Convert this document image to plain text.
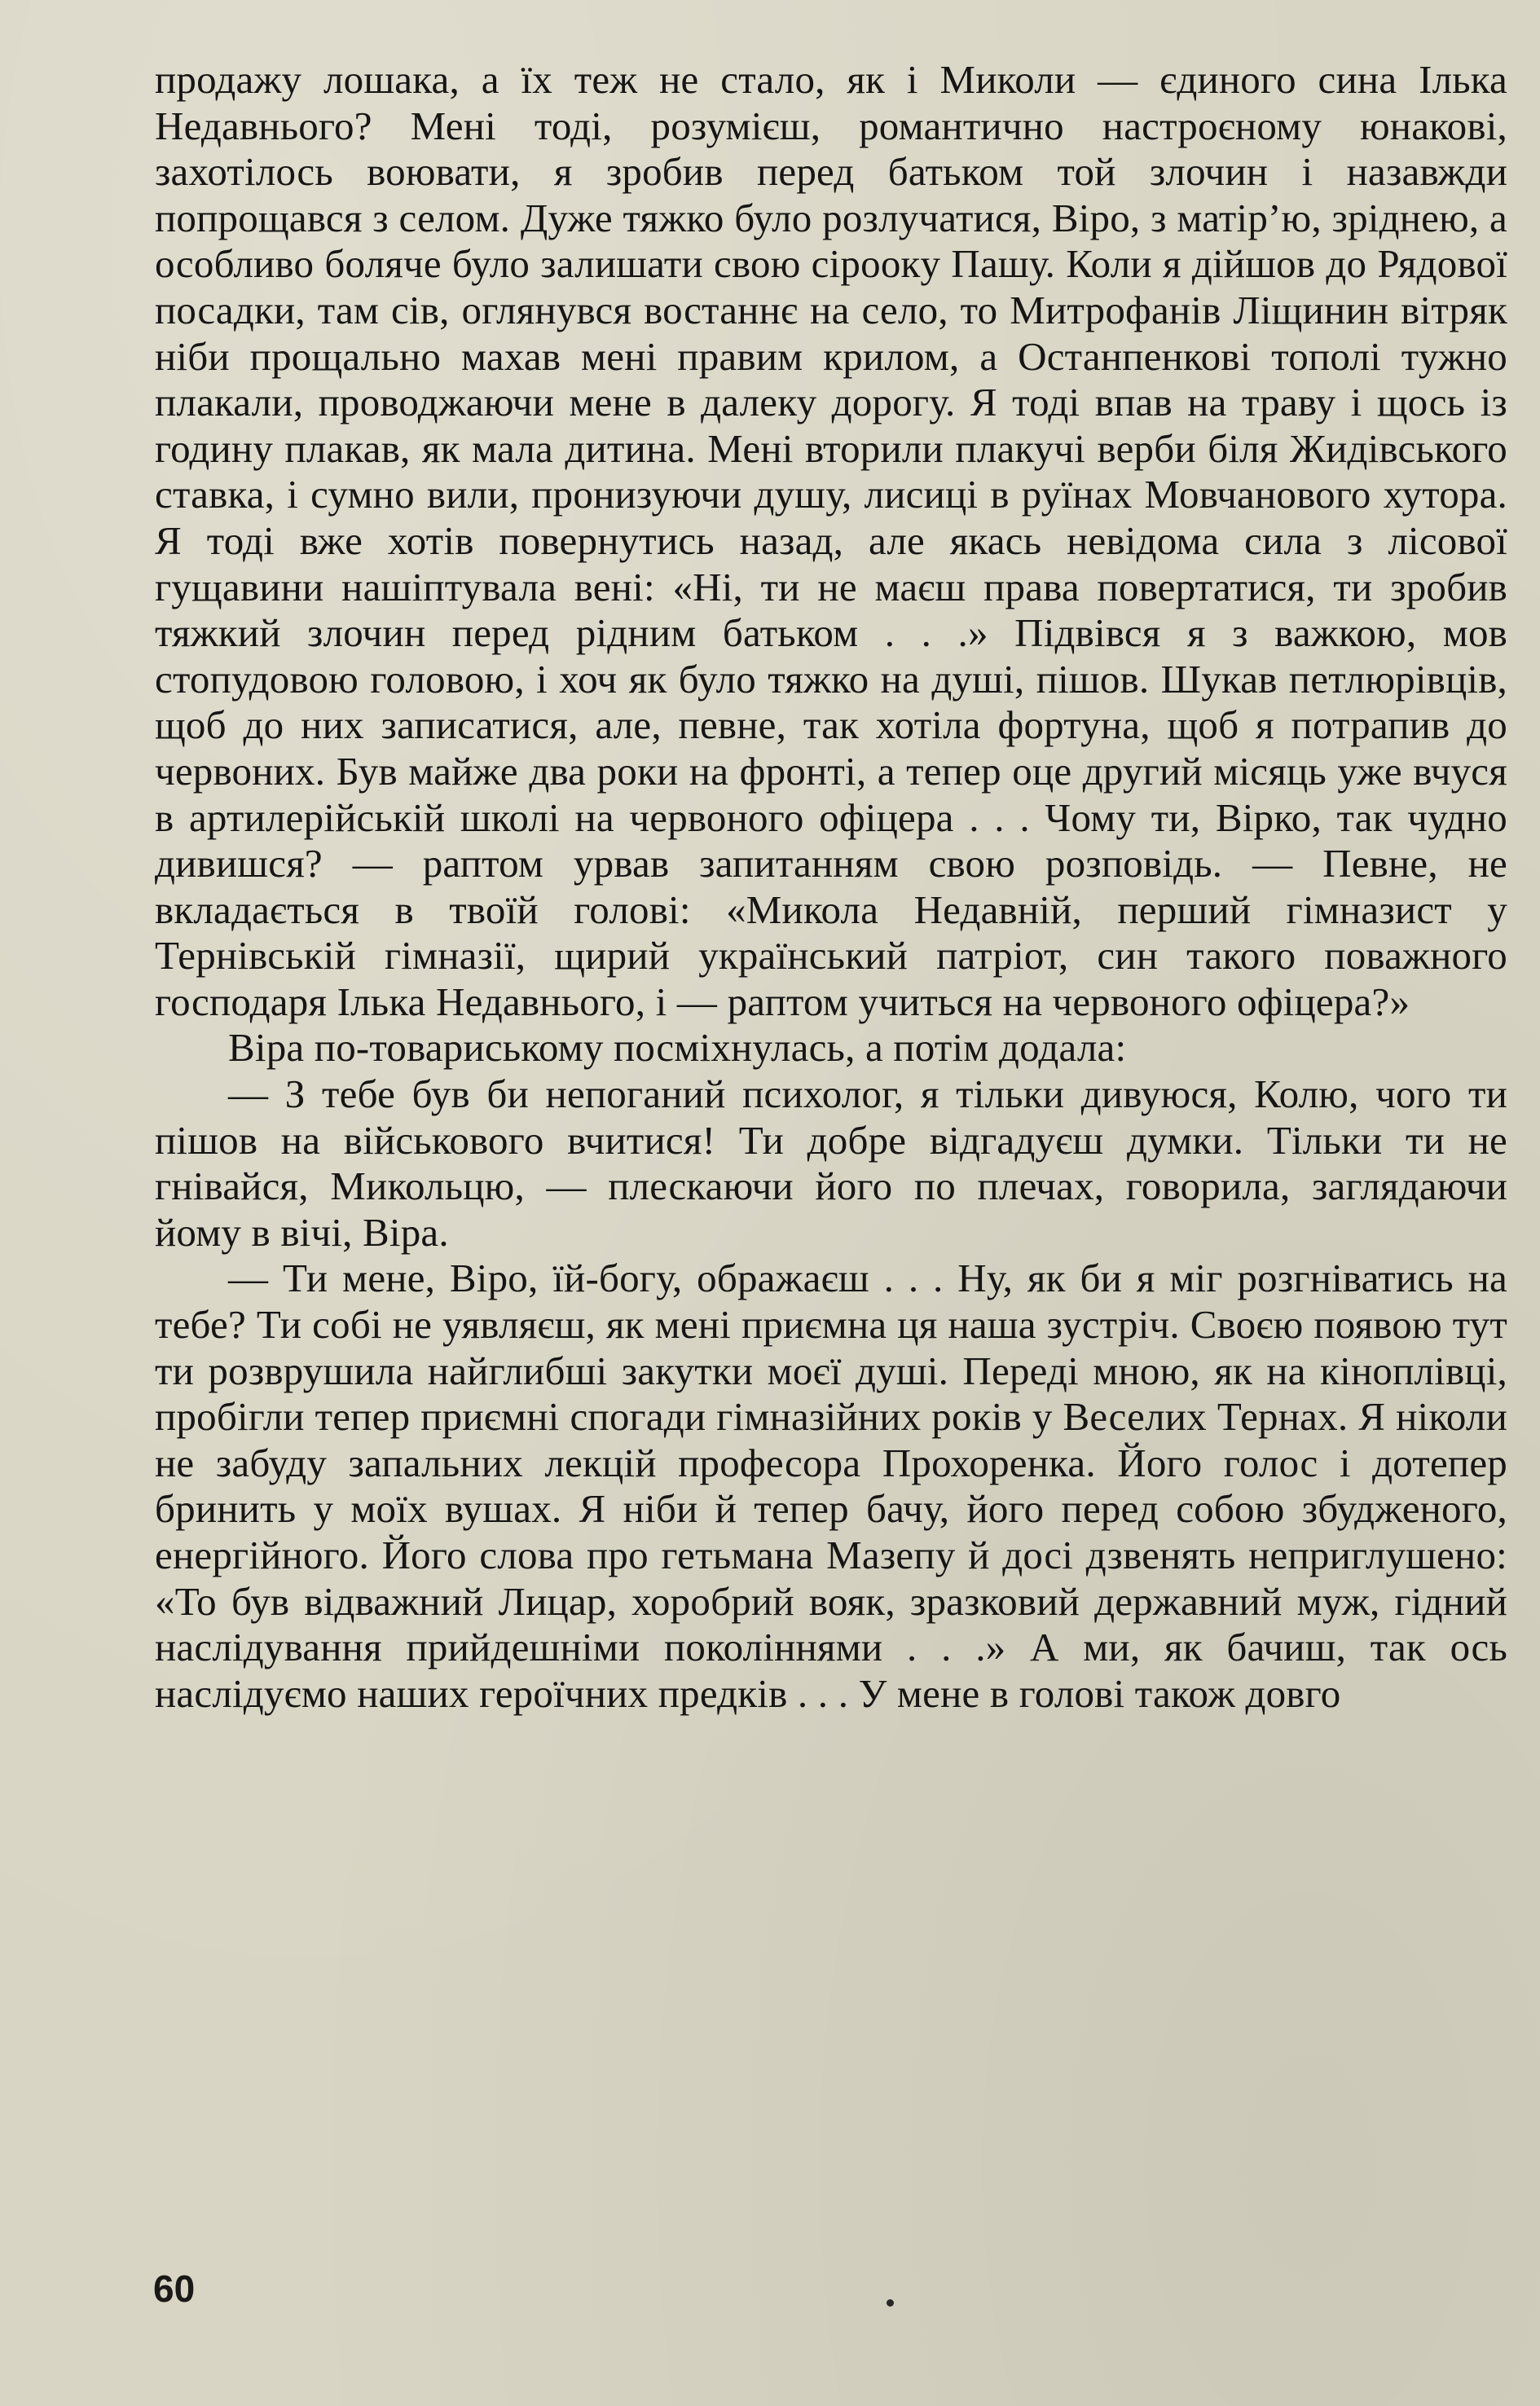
продажу лошака, а їх теж не стало, як і Миколи — єдиного сина Ілька Недавнього? Мені тоді, розумієш, романтично настроєному юнакові, захотілось воювати, я зробив перед батьком той злочин і назавжди попрощався з селом. Дуже тяжко було розлучатися, Віро, з матір’ю, зріднею, а особливо боляче було залишати свою сіроокy Пашу. Коли я дійшов до Рядової посадки, там сів, оглянувся востаннє на село, то Митрофанів Ліщинин вітряк ніби прощально махав мені правим крилом, а Останпенкові тополі тужно плакали, проводжаючи мене в далеку дорогу. Я тоді впав на траву і щось із годину плакав, як мала дитина. Мені вторили плакучі верби біля Жидівського ставка, і сумно вили, пронизуючи душу, лисиці в руїнах Мовчанового хутора. Я тоді вже хотів повернутись назад, але якась невідома сила з лісової гущавини нашіптувала вені: «Ні, ти не маєш права повертатися, ти зробив тяжкий злочин перед рідним батьком . . .» Підвівся я з важкою, мов стопудовою головою, і хоч як було тяжко на душі, пішов. Шукав петлюрівців, щоб до них записатися, але, певне, так хотіла фортуна, щоб я потрапив до червоних. Був майже два роки на фронті, а тепер оце другий місяць уже вчуся в артилерійській школі на червоного офіцера . . . Чому ти, Вірко, так чудно дивишся? — раптом урвав запитанням свою розповідь. — Певне, не вкладається в твоїй голові: «Микола Недавній, перший гімназист у Тернівській гімназії, щирий український патріот, син такого поважного господаря Ілька Недавнього, і — раптом учиться на червоного офіцера?»

Віра по-товариському посміхнулась, а потім додала:

— З тебе був би непоганий психолог, я тільки дивуюся, Колю, чого ти пішов на військового вчитися! Ти добре відгадуєш думки. Тільки ти не гнівайся, Микольцю, — плескаючи його по плечах, говорила, заглядаючи йому в вічі, Віра.

— Ти мене, Віро, їй-богу, ображаєш . . . Ну, як би я міг розгніватись на тебе? Ти собі не уявляєш, як мені приємна ця наша зустріч. Своєю появою тут ти розврушила найглибші закутки моєї душі. Переді мною, як на кіноплівці, пробігли тепер приємні спогади гімназійних років у Веселих Тернах. Я ніколи не забуду запальних лекцій професора Прохоренка. Його голос і дотепер бринить у моїх вушах. Я ніби й тепер бачу, його перед собою збудженого, енергійного. Його слова про гетьмана Мазепу й досі дзвенять неприглушено: «То був відважний Лицар, хоробрий вояк, зразковий державний муж, гідний наслідування прийдешніми поколіннями . . .» А ми, як бачиш, так ось наслідуємо наших героїчних предків . . . У мене в голові також довго

60
